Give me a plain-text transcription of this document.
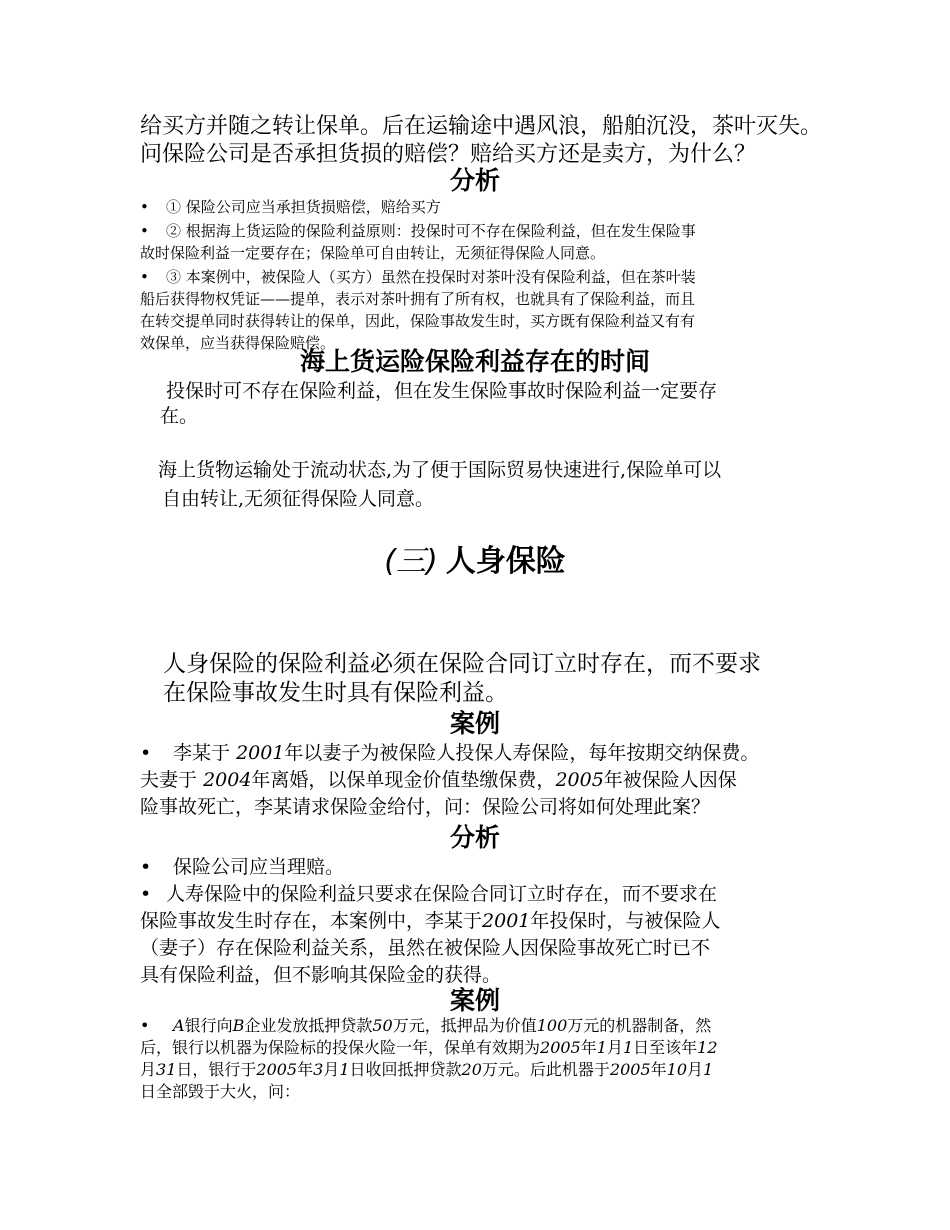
给买方并随之转让保单。后在运输途中遇风浪，船舶沉没，茶叶灭失。

问保险公司是否承担货损的赔偿？赔给买方还是卖方，为什么？

分析

• ① 保险公司应当承担货损赔偿，赔给买方

• ② 根据海上货运险的保险利益原则：投保时可不存在保险利益，但在发生保险事

故时保险利益一定要存在；保险单可自由转让，无须征得保险人同意。

• ③ 本案例中，被保险人（买方）虽然在投保时对茶叶没有保险利益，但在茶叶装

船后获得物权凭证——提单，表示对茶叶拥有了所有权，也就具有了保险利益，而且

在转交提单同时获得转让的保单，因此，保险事故发生时，买方既有保险利益又有有

效保单，应当获得保险赔偿。

海上货运险保险利益存在的时间

投保时可不存在保险利益，但在发生保险事故时保险利益一定要存

在。

海上货物运输处于流动状态,为了便于国际贸易快速进行,保险单可以

自由转让,无须征得保险人同意。

(三) 人身保险

人身保险的保险利益必须在保险合同订立时存在，而不要求

在保险事故发生时具有保险利益。

案例

• 李某于 2001年以妻子为被保险人投保人寿保险，每年按期交纳保费。

夫妻于 2004年离婚，以保单现金价值垫缴保费，2005年被保险人因保

险事故死亡，李某请求保险金给付，问：保险公司将如何处理此案？

分析

• 保险公司应当理赔。

• 人寿保险中的保险利益只要求在保险合同订立时存在，而不要求在

保险事故发生时存在，本案例中，李某于2001年投保时，与被保险人

（妻子）存在保险利益关系，虽然在被保险人因保险事故死亡时已不

具有保险利益，但不影响其保险金的获得。

案例

• A银行向B企业发放抵押贷款50万元，抵押品为价值100万元的机器制备，然

后，银行以机器为保险标的投保火险一年，保单有效期为2005年1月1日至该年12

月31日，银行于2005年3月1日收回抵押贷款20万元。后此机器于2005年10月1

日全部毁于大火，问：
